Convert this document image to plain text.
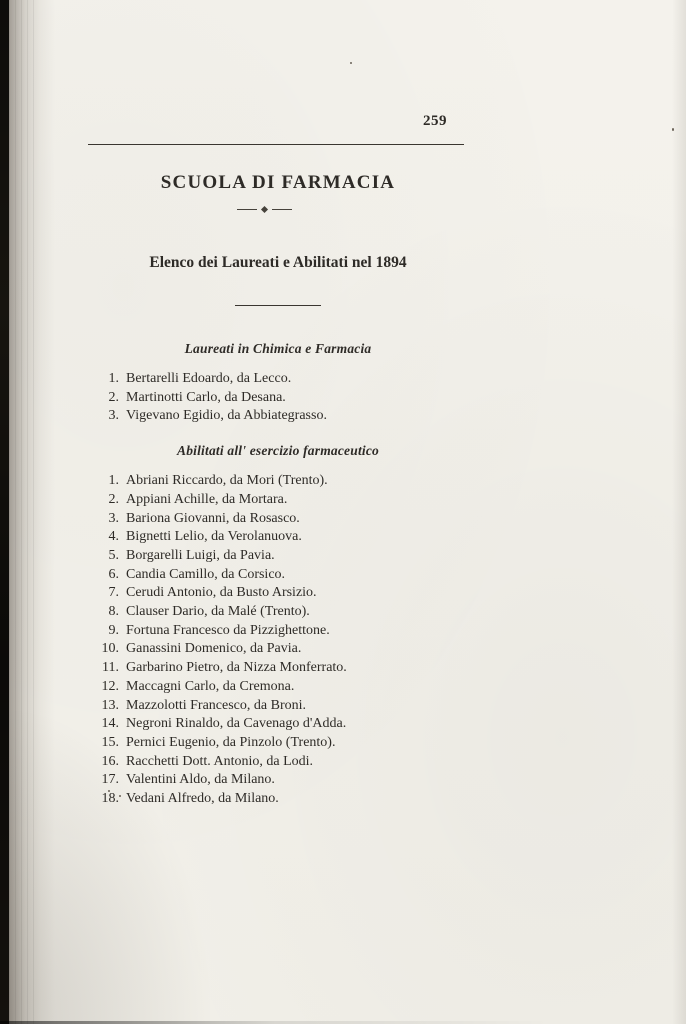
259
SCUOLA DI FARMACIA
Elenco dei Laureati e Abilitati nel 1894
Laureati in Chimica e Farmacia
1. Bertarelli Edoardo, da Lecco.
2. Martinotti Carlo, da Desana.
3. Vigevano Egidio, da Abbiategrasso.
Abilitati all' esercizio farmaceutico
1. Abriani Riccardo, da Mori (Trento).
2. Appiani Achille, da Mortara.
3. Bariona Giovanni, da Rosasco.
4. Bignetti Lelio, da Verolanuova.
5. Borgarelli Luigi, da Pavia.
6. Candia Camillo, da Corsico.
7. Cerudi Antonio, da Busto Arsizio.
8. Clauser Dario, da Malé (Trento).
9. Fortuna Francesco da Pizzighettone.
10. Ganassini Domenico, da Pavia.
11. Garbarino Pietro, da Nizza Monferrato.
12. Maccagni Carlo, da Cremona.
13. Mazzolotti Francesco, da Broni.
14. Negroni Rinaldo, da Cavenago d'Adda.
15. Pernici Eugenio, da Pinzolo (Trento).
16. Racchetti Dott. Antonio, da Lodi.
17. Valentini Aldo, da Milano.
18. Vedani Alfredo, da Milano.
